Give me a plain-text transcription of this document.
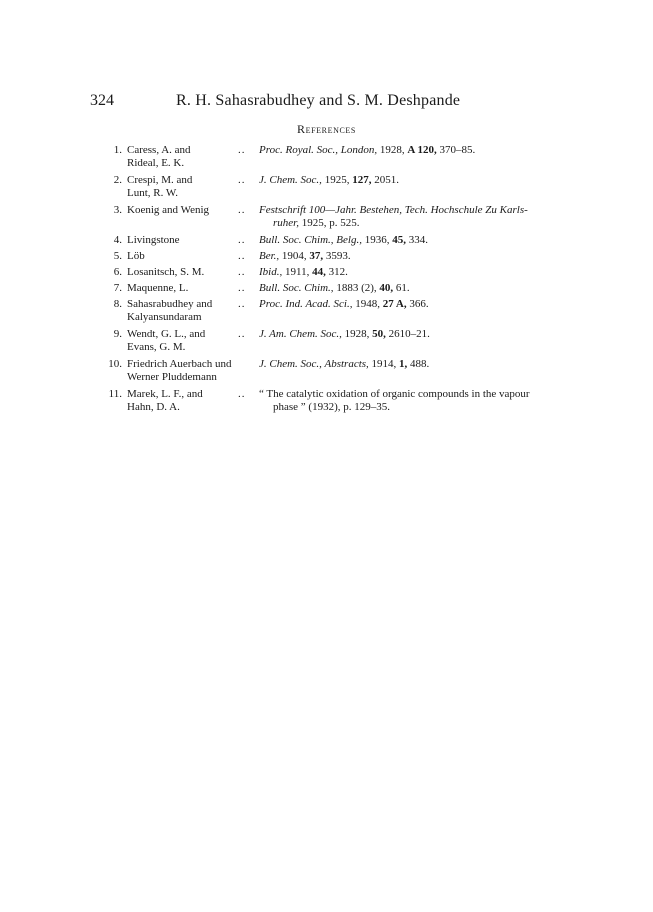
324	R. H. Sahasrabudhey and S. M. Deshpande
References
1. Caress, A. and
Rideal, E. K.
.. Proc. Royal. Soc., London, 1928, A 120, 370–85.
2. Crespi, M. and
Lunt, R. W.
.. J. Chem. Soc., 1925, 127, 2051.
3. Koenig and Wenig	.. Festschrift 100—Jahr. Bestehen, Tech. Hochschule Zu Karls-
ruher, 1925, p. 525.
4. Livingstone	.. Bull. Soc. Chim., Belg., 1936, 45, 334.
5. Löb	.. Ber., 1904, 37, 3593.
6. Losanitsch, S. M.	.. Ibid., 1911, 44, 312.
7. Maquenne, L.	.. Bull. Soc. Chim., 1883 (2), 40, 61.
8. Sahasrabudhey and
Kalyansundaram
.. Proc. Ind. Acad. Sci., 1948, 27 A, 366.
9. Wendt, G. L., and
Evans, G. M.
.. J. Am. Chem. Soc., 1928, 50, 2610–21.
10. Friedrich Auerbach und
Werner Pluddemann
J. Chem. Soc., Abstracts, 1914, 1, 488.
11. Marek, L. F., and
Hahn, D. A.
.. “ The catalytic oxidation of organic compounds in the vapour
phase ” (1932), p. 129–35.
